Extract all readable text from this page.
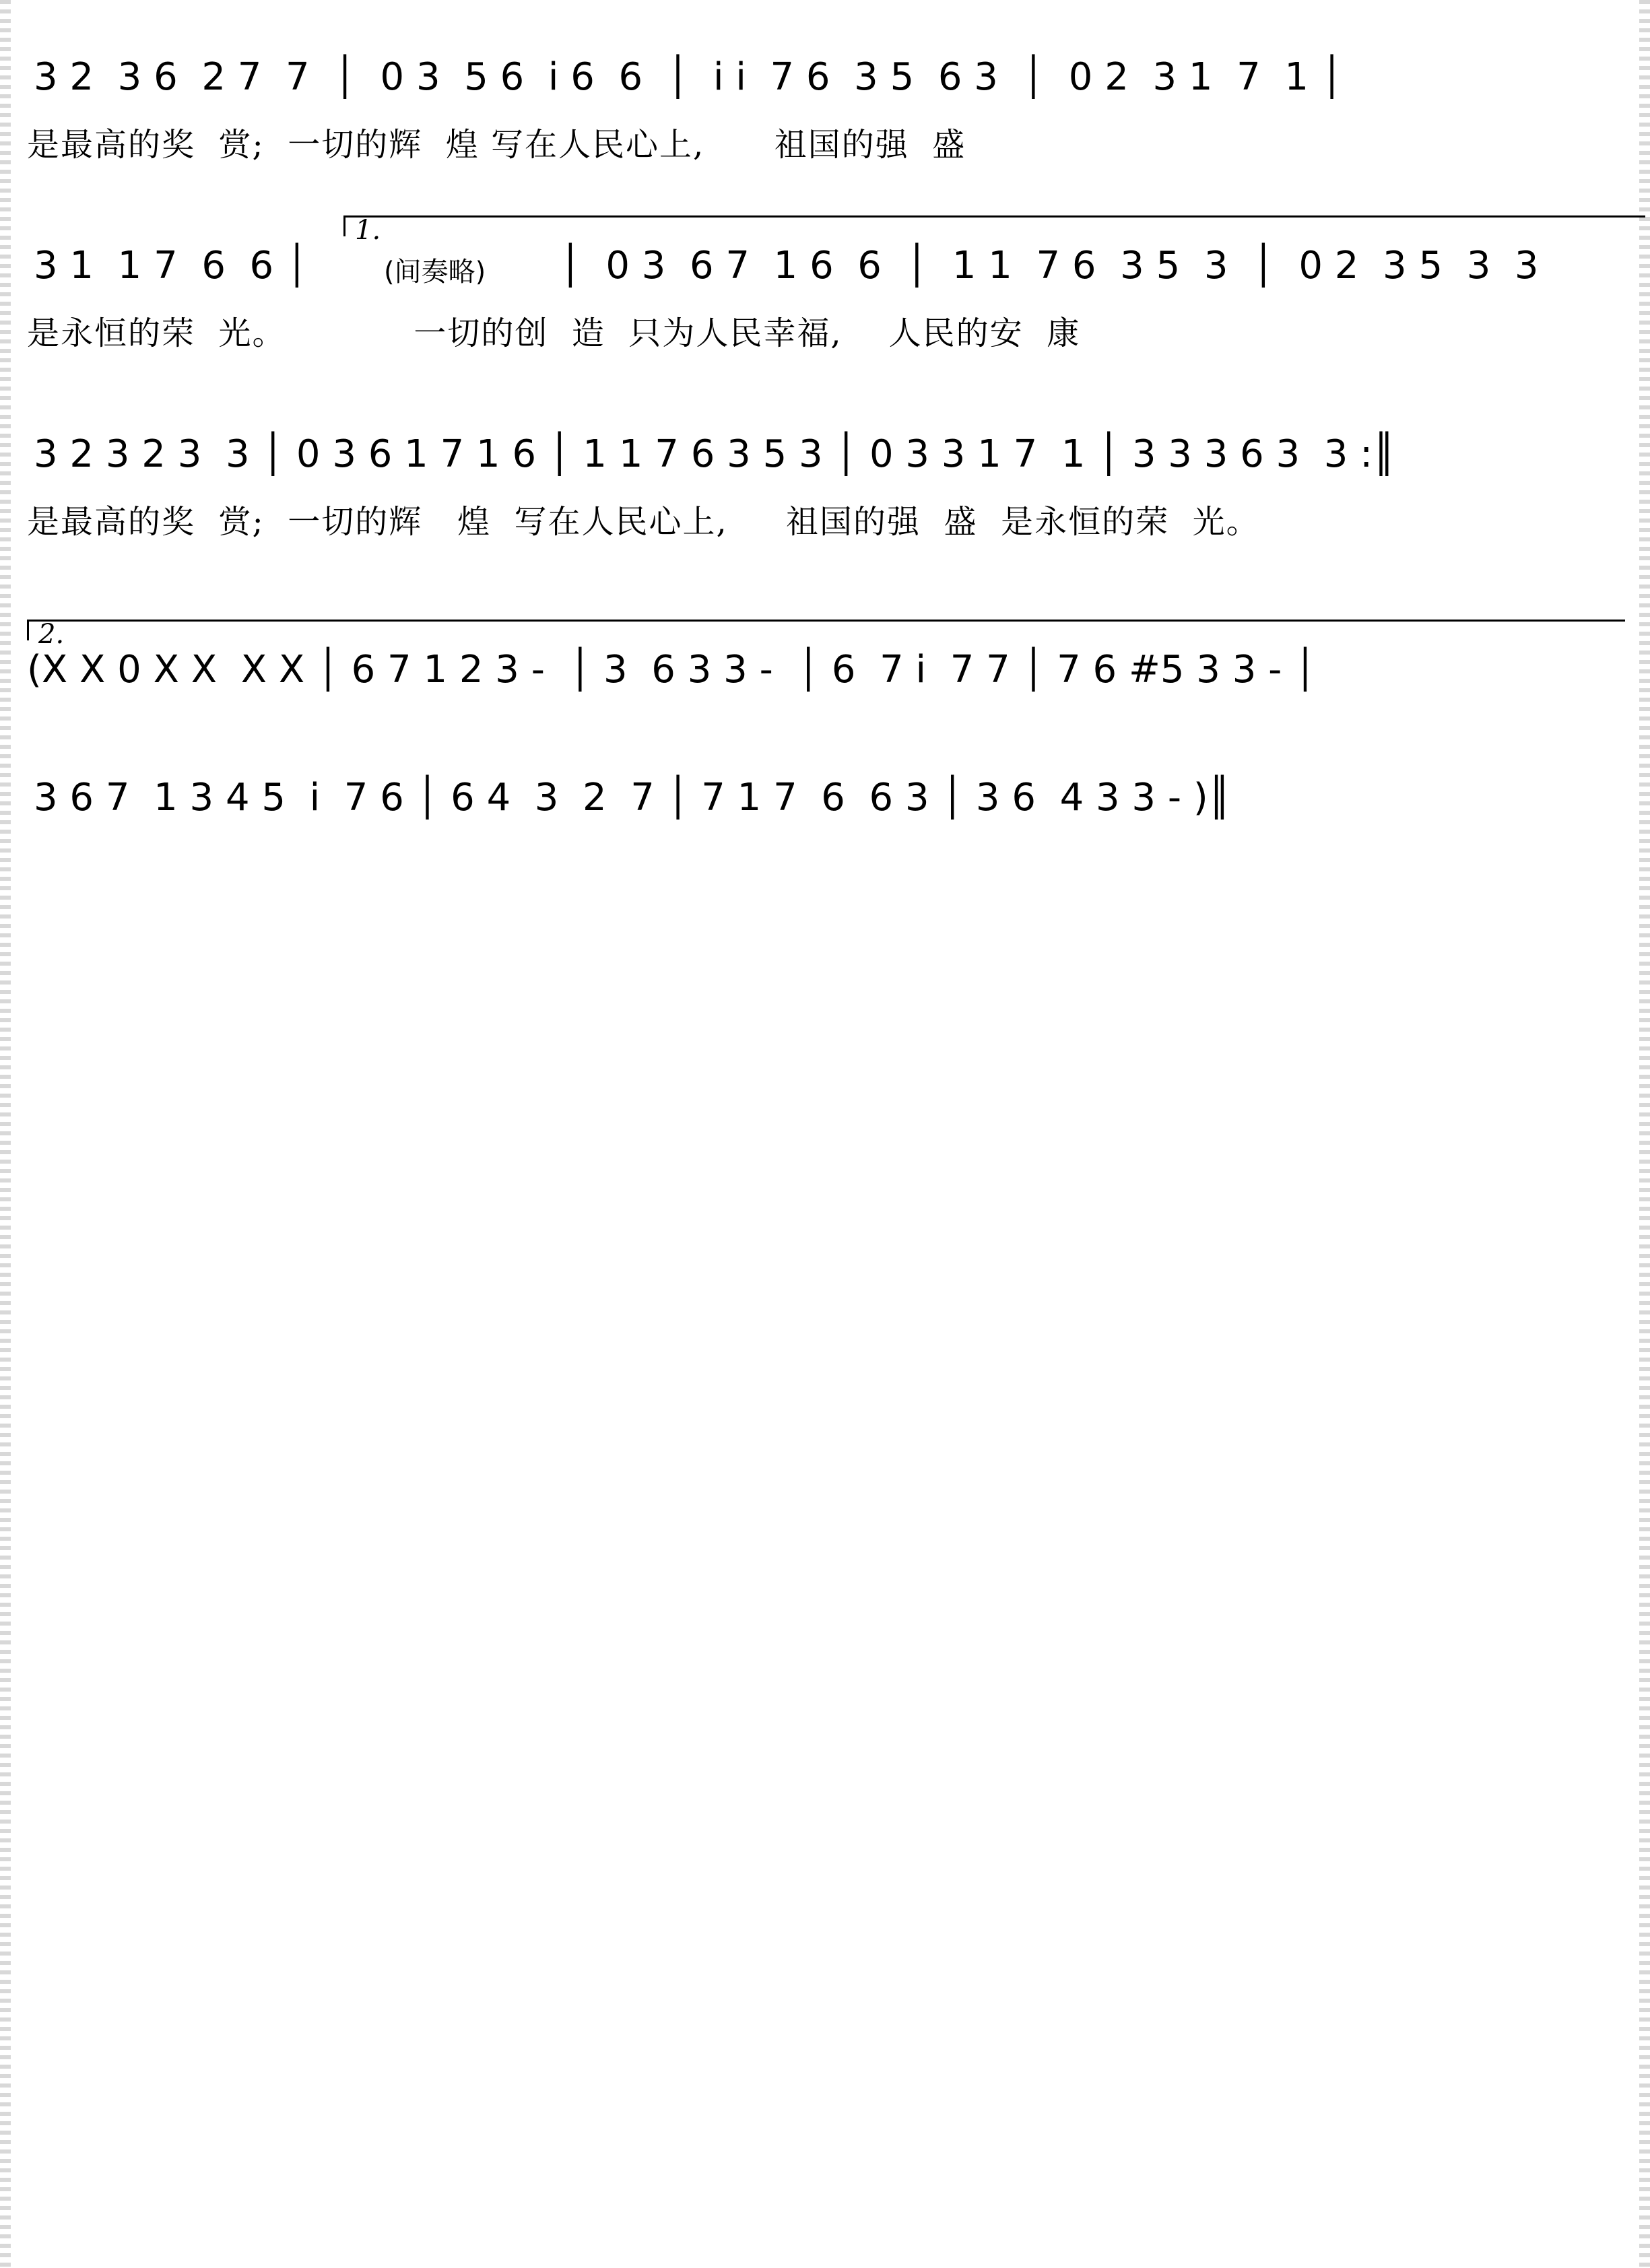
3 2  3 6  2 7  7  │  0 3  5 6  i 6  6  │  i i  7 6  3 5  6 3  │  0 2  3 1  7  1 │
是最高的奖  赏;  一切的辉  煌 写在人民心上,      祖国的强  盛
1.
3 1  1 7  6  6 │	(间奏略) │  0 3  6 7  1 6  6  │  1 1  7 6  3 5  3  │  0 2  3 5  3  3
是永恒的荣  光。           一切的创  造  只为人民幸福,    人民的安  康
3 2 3 2 3  3 │ 0 3 6 1 7 1 6 │ 1 1 7 6 3 5 3 │ 0 3 3 1 7  1 │ 3 3 3 6 3  3 :║
是最高的奖  赏;  一切的辉   煌  写在人民心上,     祖国的强  盛  是永恒的荣  光。
2.
(X X 0 X X  X X │ 6 7 1 2 3 -  │ 3  6 3 3 -  │ 6  7 i  7 7 │ 7 6 #5 3 3 - │
3 6 7  1 3 4 5  i  7 6 │ 6 4  3  2  7 │ 7 1 7  6  6 3 │ 3 6  4 3 3 - )║
